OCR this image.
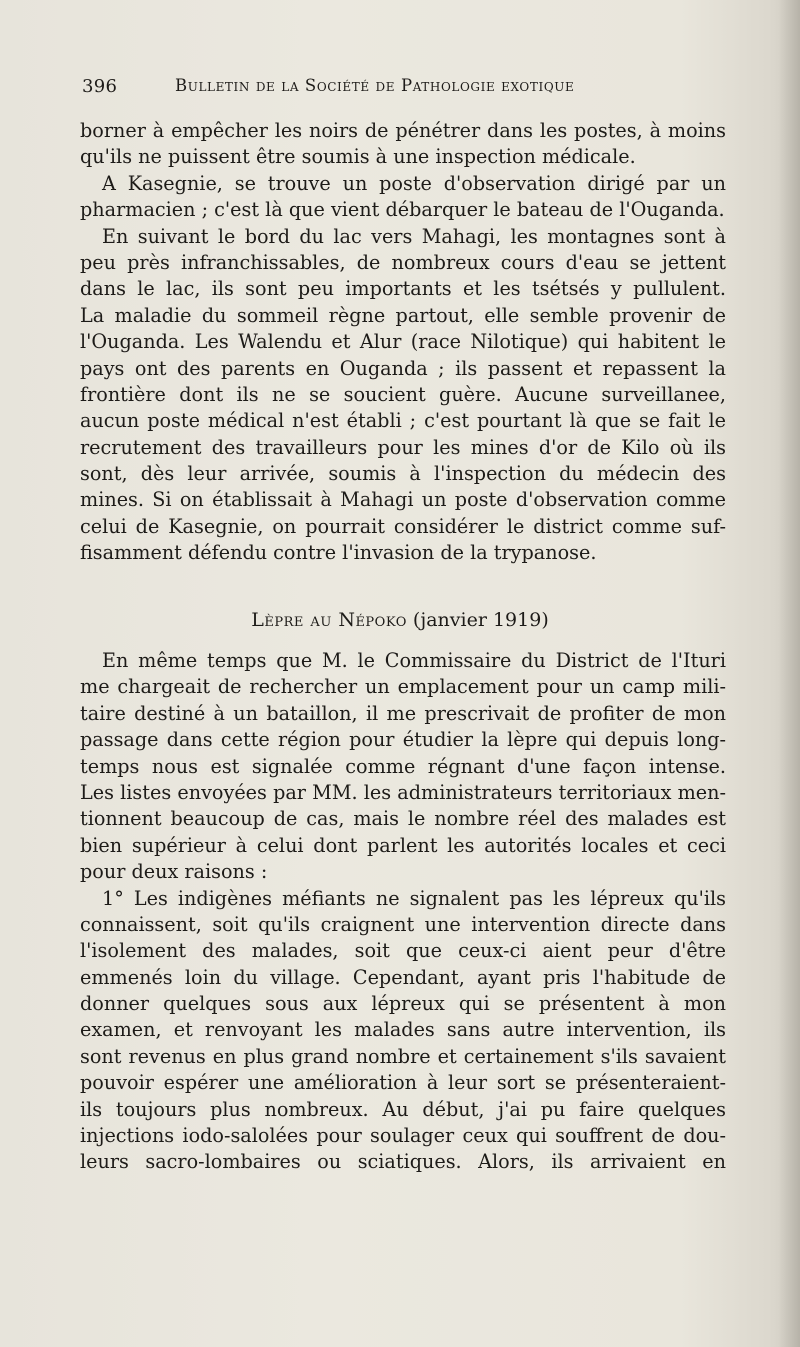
396	Bulletin de la Société de Pathologie exotique
borner à empêcher les noirs de pénétrer dans les postes, à moins
qu'ils ne puissent être soumis à une inspection médicale.
A Kasegnie, se trouve un poste d'observation dirigé par un
pharmacien ; c'est là que vient débarquer le bateau de l'Ouganda.
En suivant le bord du lac vers Mahagi, les montagnes sont à
peu près infranchissables, de nombreux cours d'eau se jettent
dans le lac, ils sont peu importants et les tsétsés y pullulent.
La maladie du sommeil règne partout, elle semble provenir de
l'Ouganda. Les Walendu et Alur (race Nilotique) qui habitent le
pays ont des parents en Ouganda ; ils passent et repassent la
frontière dont ils ne se soucient guère. Aucune surveillanee,
aucun poste médical n'est établi ; c'est pourtant là que se fait le
recrutement des travailleurs pour les mines d'or de Kilo où ils
sont, dès leur arrivée, soumis à l'inspection du médecin des
mines. Si on établissait à Mahagi un poste d'observation comme
celui de Kasegnie, on pourrait considérer le district comme suf-
fisamment défendu contre l'invasion de la trypanose.
Lèpre au Népoko (janvier 1919)
En même temps que M. le Commissaire du District de l'Ituri
me chargeait de rechercher un emplacement pour un camp mili-
taire destiné à un bataillon, il me prescrivait de profiter de mon
passage dans cette région pour étudier la lèpre qui depuis long-
temps nous est signalée comme régnant d'une façon intense.
Les listes envoyées par MM. les administrateurs territoriaux men-
tionnent beaucoup de cas, mais le nombre réel des malades est
bien supérieur à celui dont parlent les autorités locales et ceci
pour deux raisons :
1° Les indigènes méfiants ne signalent pas les lépreux qu'ils
connaissent, soit qu'ils craignent une intervention directe dans
l'isolement des malades, soit que ceux-ci aient peur d'être
emmenés loin du village. Cependant, ayant pris l'habitude de
donner quelques sous aux lépreux qui se présentent à mon
examen, et renvoyant les malades sans autre intervention, ils
sont revenus en plus grand nombre et certainement s'ils savaient
pouvoir espérer une amélioration à leur sort se présenteraient-
ils toujours plus nombreux. Au début, j'ai pu faire quelques
injections iodo-salolées pour soulager ceux qui souffrent de dou-
leurs sacro-lombaires ou sciatiques. Alors, ils arrivaient en
